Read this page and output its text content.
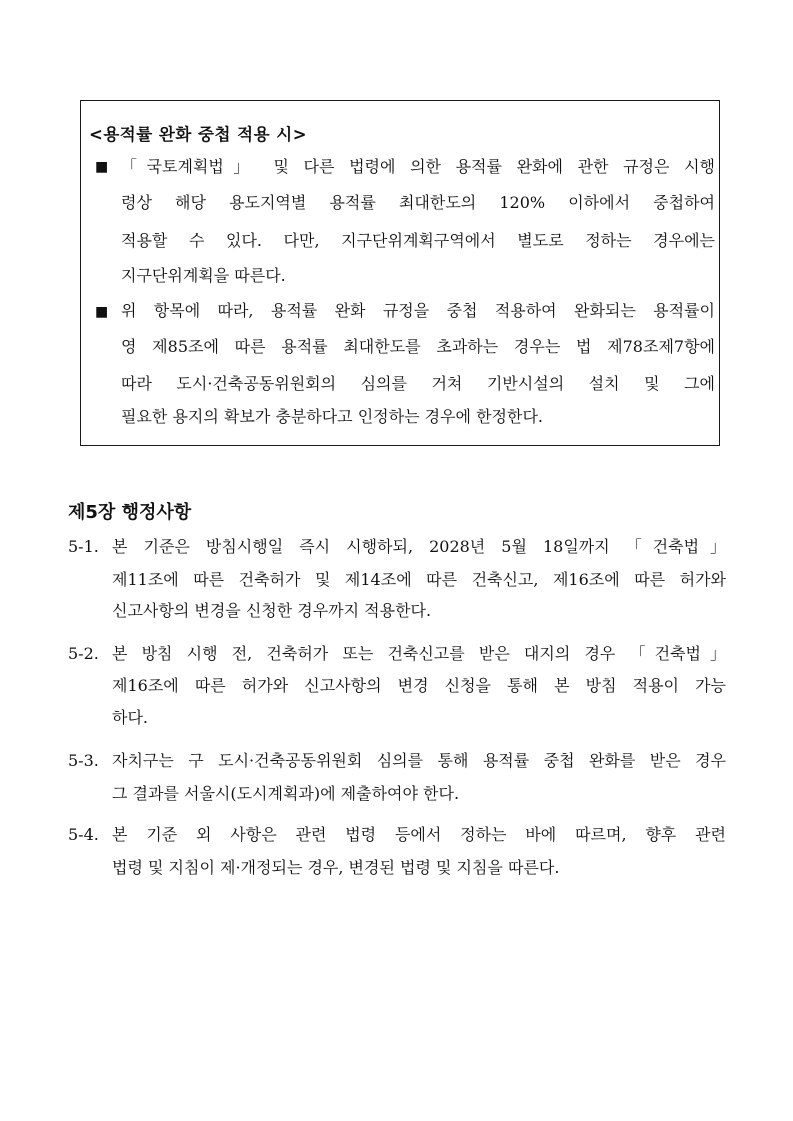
<용적률 완화 중첩 적용 시>
■ 「국토계획법」 및 다른 법령에 의한 용적률 완화에 관한 규정은 시행
령상 해당 용도지역별 용적률 최대한도의 120% 이하에서 중첩하여
적용할 수 있다. 다만, 지구단위계획구역에서 별도로 정하는 경우에는
지구단위계획을 따른다.
■ 위 항목에 따라, 용적률 완화 규정을 중첩 적용하여 완화되는 용적률이
영 제85조에 따른 용적률 최대한도를 초과하는 경우는 법 제78조제7항에
따라 도시·건축공동위원회의 심의를 거쳐 기반시설의 설치 및 그에
필요한 용지의 확보가 충분하다고 인정하는 경우에 한정한다.
제5장 행정사항
5-1. 본 기준은 방침시행일 즉시 시행하되, 2028년 5월 18일까지 「건축법」
제11조에 따른 건축허가 및 제14조에 따른 건축신고, 제16조에 따른 허가와
신고사항의 변경을 신청한 경우까지 적용한다.
5-2. 본 방침 시행 전, 건축허가 또는 건축신고를 받은 대지의 경우 「건축법」
제16조에 따른 허가와 신고사항의 변경 신청을 통해 본 방침 적용이 가능
하다.
5-3. 자치구는 구 도시·건축공동위원회 심의를 통해 용적률 중첩 완화를 받은 경우
그 결과를 서울시(도시계획과)에 제출하여야 한다.
5-4. 본 기준 외 사항은 관련 법령 등에서 정하는 바에 따르며, 향후 관련
법령 및 지침이 제·개정되는 경우, 변경된 법령 및 지침을 따른다.
